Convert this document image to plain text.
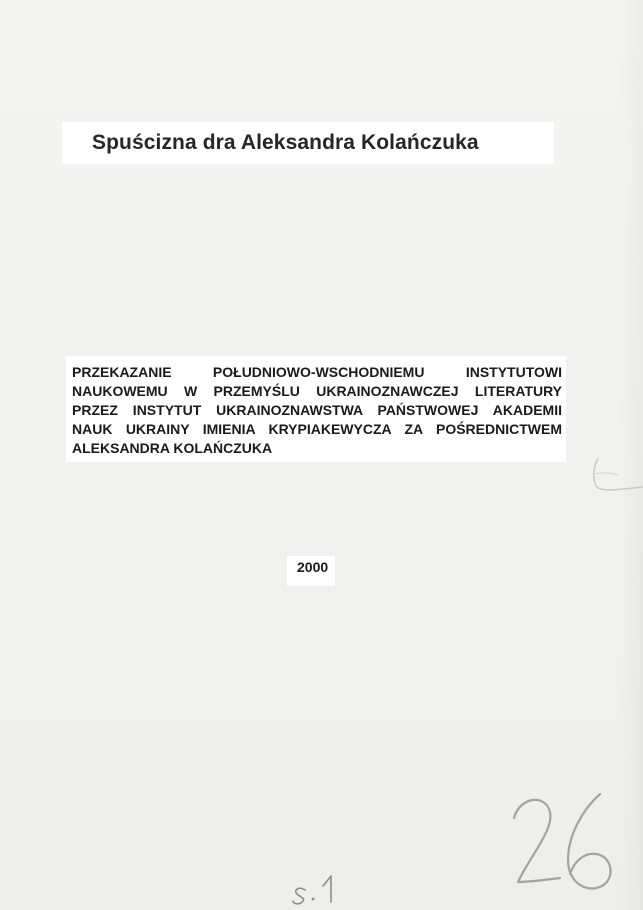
Spuścizna dra Aleksandra Kolańczuka
PRZEKAZANIE POŁUDNIOWO-WSCHODNIEMU INSTYTUTOWI
NAUKOWEMU W PRZEMYŚLU UKRAINOZNAWCZEJ LITERATURY
PRZEZ INSTYTUT UKRAINOZNAWSTWA PAŃSTWOWEJ AKADEMII
NAUK UKRAINY IMIENIA KRYPIAKEWYCZA ZA POŚREDNICTWEM
ALEKSANDRA KOLAŃCZUKA
2000
